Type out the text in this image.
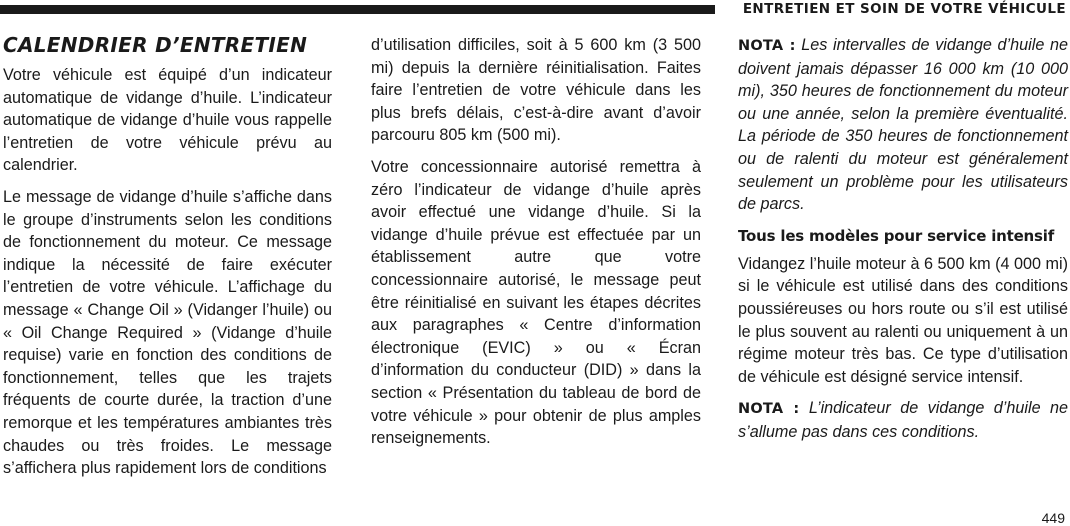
ENTRETIEN ET SOIN DE VOTRE VÉHICULE
CALENDRIER D’ENTRETIEN

Votre véhicule est équipé d’un indicateur automatique de vidange d’huile. L’indicateur automatique de vidange d’huile vous rappelle l’entretien de votre véhicule prévu au calendrier.

Le message de vidange d’huile s’affiche dans le groupe d’instruments selon les conditions de fonctionnement du moteur. Ce message indique la nécessité de faire exécuter l’entretien de votre véhicule. L’affichage du message « Change Oil » (Vidanger l’huile) ou « Oil Change Required » (Vidange d’huile requise) varie en fonction des conditions de fonctionnement, telles que les trajets fréquents de courte durée, la traction d’une remorque et les températures ambiantes très chaudes ou très froides. Le message s’affichera plus rapidement lors de conditions

d’utilisation difficiles, soit à 5 600 km (3 500 mi) depuis la dernière réinitialisation. Faites faire l’entretien de votre véhicule dans les plus brefs délais, c’est-à-dire avant d’avoir parcouru 805 km (500 mi).

Votre concessionnaire autorisé remettra à zéro l’indicateur de vidange d’huile après avoir effectué une vidange d’huile. Si la vidange d’huile prévue est effectuée par un établissement autre que votre concessionnaire autorisé, le message peut être réinitialisé en suivant les étapes décrites aux paragraphes « Centre d’information électronique (EVIC) » ou « Écran d’information du conducteur (DID) » dans la section « Présentation du tableau de bord de votre véhicule » pour obtenir de plus amples renseignements.

NOTA : Les intervalles de vidange d’huile ne doivent jamais dépasser 16 000 km (10 000 mi), 350 heures de fonctionnement du moteur ou une année, selon la première éventualité. La période de 350 heures de fonctionnement ou de ralenti du moteur est généralement seulement un problème pour les utilisateurs de parcs.

Tous les modèles pour service intensif

Vidangez l’huile moteur à 6 500 km (4 000 mi) si le véhicule est utilisé dans des conditions poussiéreuses ou hors route ou s’il est utilisé le plus souvent au ralenti ou uniquement à un régime moteur très bas. Ce type d’utilisation de véhicule est désigné service intensif.

NOTA : L’indicateur de vidange d’huile ne s’allume pas dans ces conditions.

449
